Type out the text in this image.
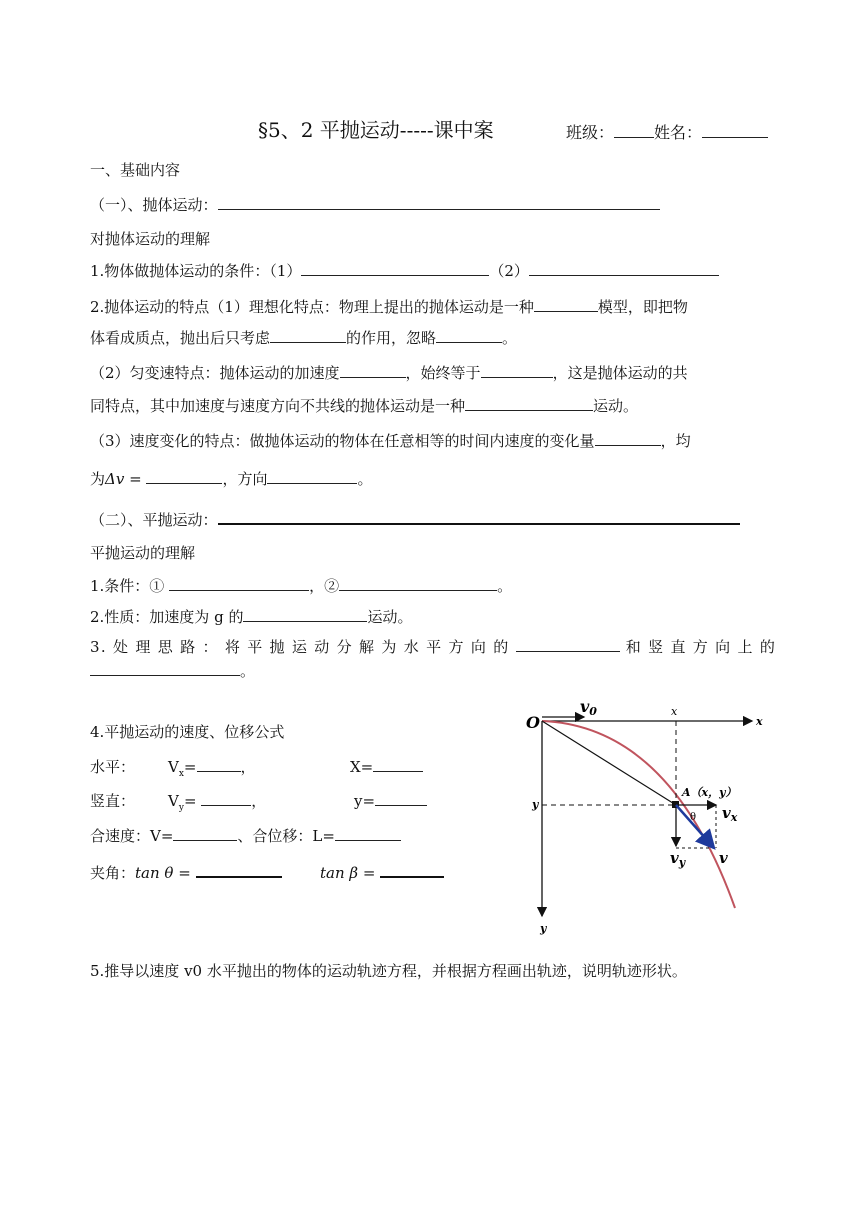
§5、2 平抛运动-----课中案	班级：	姓名：
一、基础内容
（一）、抛体运动：
对抛体运动的理解
1.物体做抛体运动的条件：（1）	（2）
2.抛体运动的特点（1）理想化特点：物理上提出的抛体运动是一种	模型，即把物
体看成质点，抛出后只考虑	的作用，忽略	。
（2）匀变速特点：抛体运动的加速度	，始终等于	，这是抛体运动的共
同特点，其中加速度与速度方向不共线的抛体运动是一种	运动。
（3）速度变化的特点：做抛体运动的物体在任意相等的时间内速度的变化量	，均
为Δv =	，方向	。
（二）、平抛运动：
平抛运动的理解
1.条件：①	，②	。
2.性质：加速度为 g 的	运动。
3. 处 理 思 路 ： 将 平 抛 运 动 分 解 为 水 平 方 向 的	和 竖 直 方 向 上 的
。
4.平抛运动的速度、位移公式
水平： $V_x=$	，	X=
竖直： $V_y=$	，	y=
合速度：V=	、合位移：L=
夹角：tan θ =	tan β =
O
v0	x
x
y
y
A（x，y）
θ $v_x$
$v_y$ v
5.推导以速度 v0 水平抛出的物体的运动轨迹方程，并根据方程画出轨迹，说明轨迹形状。
